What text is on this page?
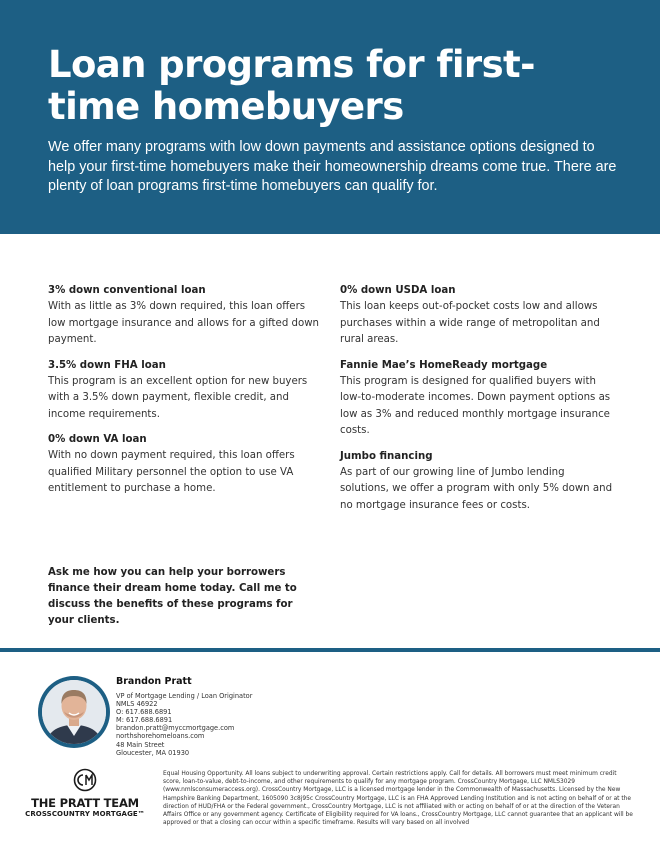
Loan programs for first-time homebuyers

We offer many programs with low down payments and assistance options designed to help your first-time homebuyers make their homeownership dreams come true. There are plenty of loan programs first-time homebuyers can qualify for.

3% down conventional loan

With as little as 3% down required, this loan offers low mortgage insurance and allows for a gifted down payment.

3.5% down FHA loan

This program is an excellent option for new buyers with a 3.5% down payment, flexible credit, and income requirements.

0% down VA loan

With no down payment required, this loan offers qualified Military personnel the option to use VA entitlement to purchase a home.

0% down USDA loan

This loan keeps out-of-pocket costs low and allows purchases within a wide range of metropolitan and rural areas.

Fannie Mae’s HomeReady mortgage

This program is designed for qualified buyers with low-to-moderate incomes. Down payment options as low as 3% and reduced monthly mortgage insurance costs.

Jumbo financing

As part of our growing line of Jumbo lending solutions, we offer a program with only 5% down and no mortgage insurance fees or costs.

Ask me how you can help your borrowers finance their dream home today. Call me to discuss the benefits of these programs for your clients.

Brandon Pratt
VP of Mortgage Lending / Loan Originator
NMLS 46922
O: 617.688.6891
M: 617.688.6891
brandon.pratt@myccmortgage.com
northshorehomeloans.com
48 Main Street
Gloucester, MA 01930
THE PRATT TEAM
CROSSCOUNTRY MORTGAGE™

Equal Housing Opportunity. All loans subject to underwriting approval. Certain restrictions apply. Call for details. All borrowers must meet minimum credit score, loan-to-value, debt-to-income, and other requirements to qualify for any mortgage program. CrossCountry Mortgage, LLC NMLS3029 (www.nmlsconsumeraccess.org). CrossCountry Mortgage, LLC is a licensed mortgage lender in the Commonwealth of Massachusetts. Licensed by the New Hampshire Banking Department, 1605090 3c8j95c CrossCountry Mortgage, LLC is an FHA Approved Lending Institution and is not acting on behalf of or at the direction of HUD/FHA or the Federal government., CrossCountry Mortgage, LLC is not affiliated with or acting on behalf of or at the direction of the Veteran Affairs Office or any government agency. Certificate of Eligibility required for VA loans., CrossCountry Mortgage, LLC cannot guarantee that an applicant will be approved or that a closing can occur within a specific timeframe. Results will vary based on all involved
